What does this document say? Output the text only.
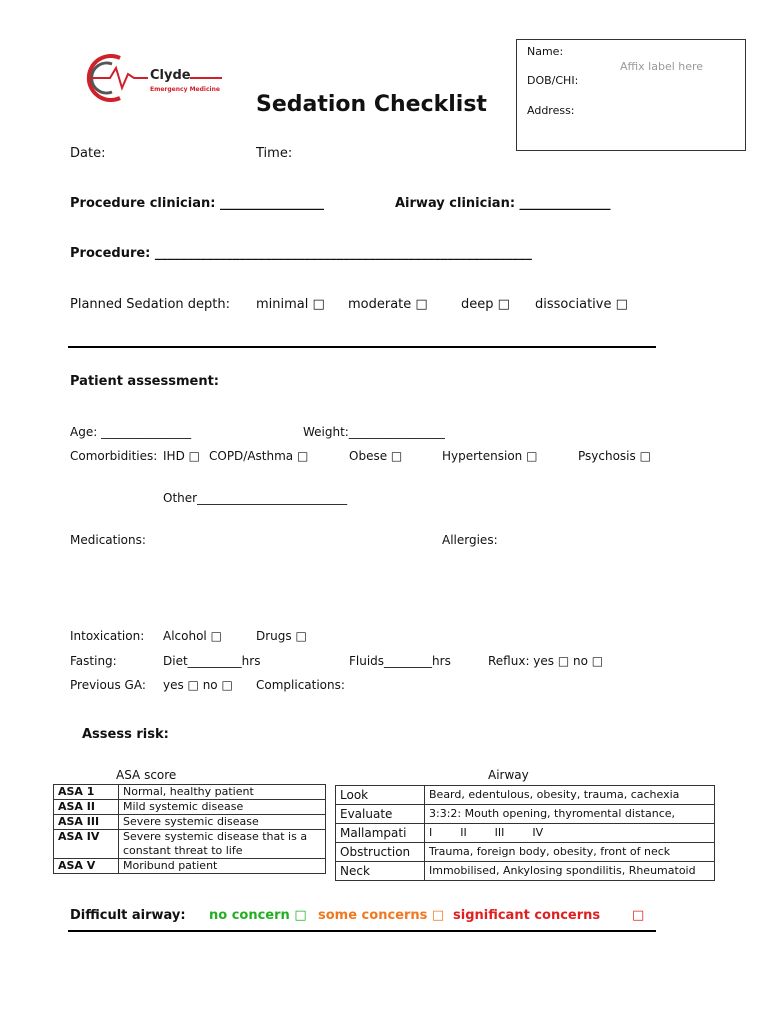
Clyde
Emergency Medicine
Sedation Checklist
Name:
Affix label here
DOB/CHI:
Address:
Date:	Time:
Procedure clinician: ________________	Airway clinician: ______________
Procedure: __________________________________________________________
Planned Sedation depth: minimal □ moderate □	deep □ dissociative □
Patient assessment:
Age: _______________	Weight:________________
Comorbidities: IHD □ COPD/Asthma □	Obese □	Hypertension □	Psychosis □
Other_________________________
Medications:	Allergies:
Intoxication: Alcohol □	Drugs □
Fasting:	Diet_________hrs	Fluids________hrs	Reflux: yes □ no □
Previous GA: yes □ no □ Complications:
Assess risk:
ASA score
ASA 1	Normal, healthy patient
ASA II	Mild systemic disease
ASA III	Severe systemic disease
ASA IV	Severe systemic disease that is a constant threat to life
ASA V	Moribund patient
Airway
Look	Beard, edentulous, obesity, trauma, cachexia
Evaluate	3:3:2: Mouth opening, thyromental distance,
Mallampati	I        II        III        IV
Obstruction	Trauma, foreign body, obesity, front of neck
Neck	Immobilised, Ankylosing spondilitis, Rheumatoid
Difficult airway: no concern □ some concerns □ significant concerns □
